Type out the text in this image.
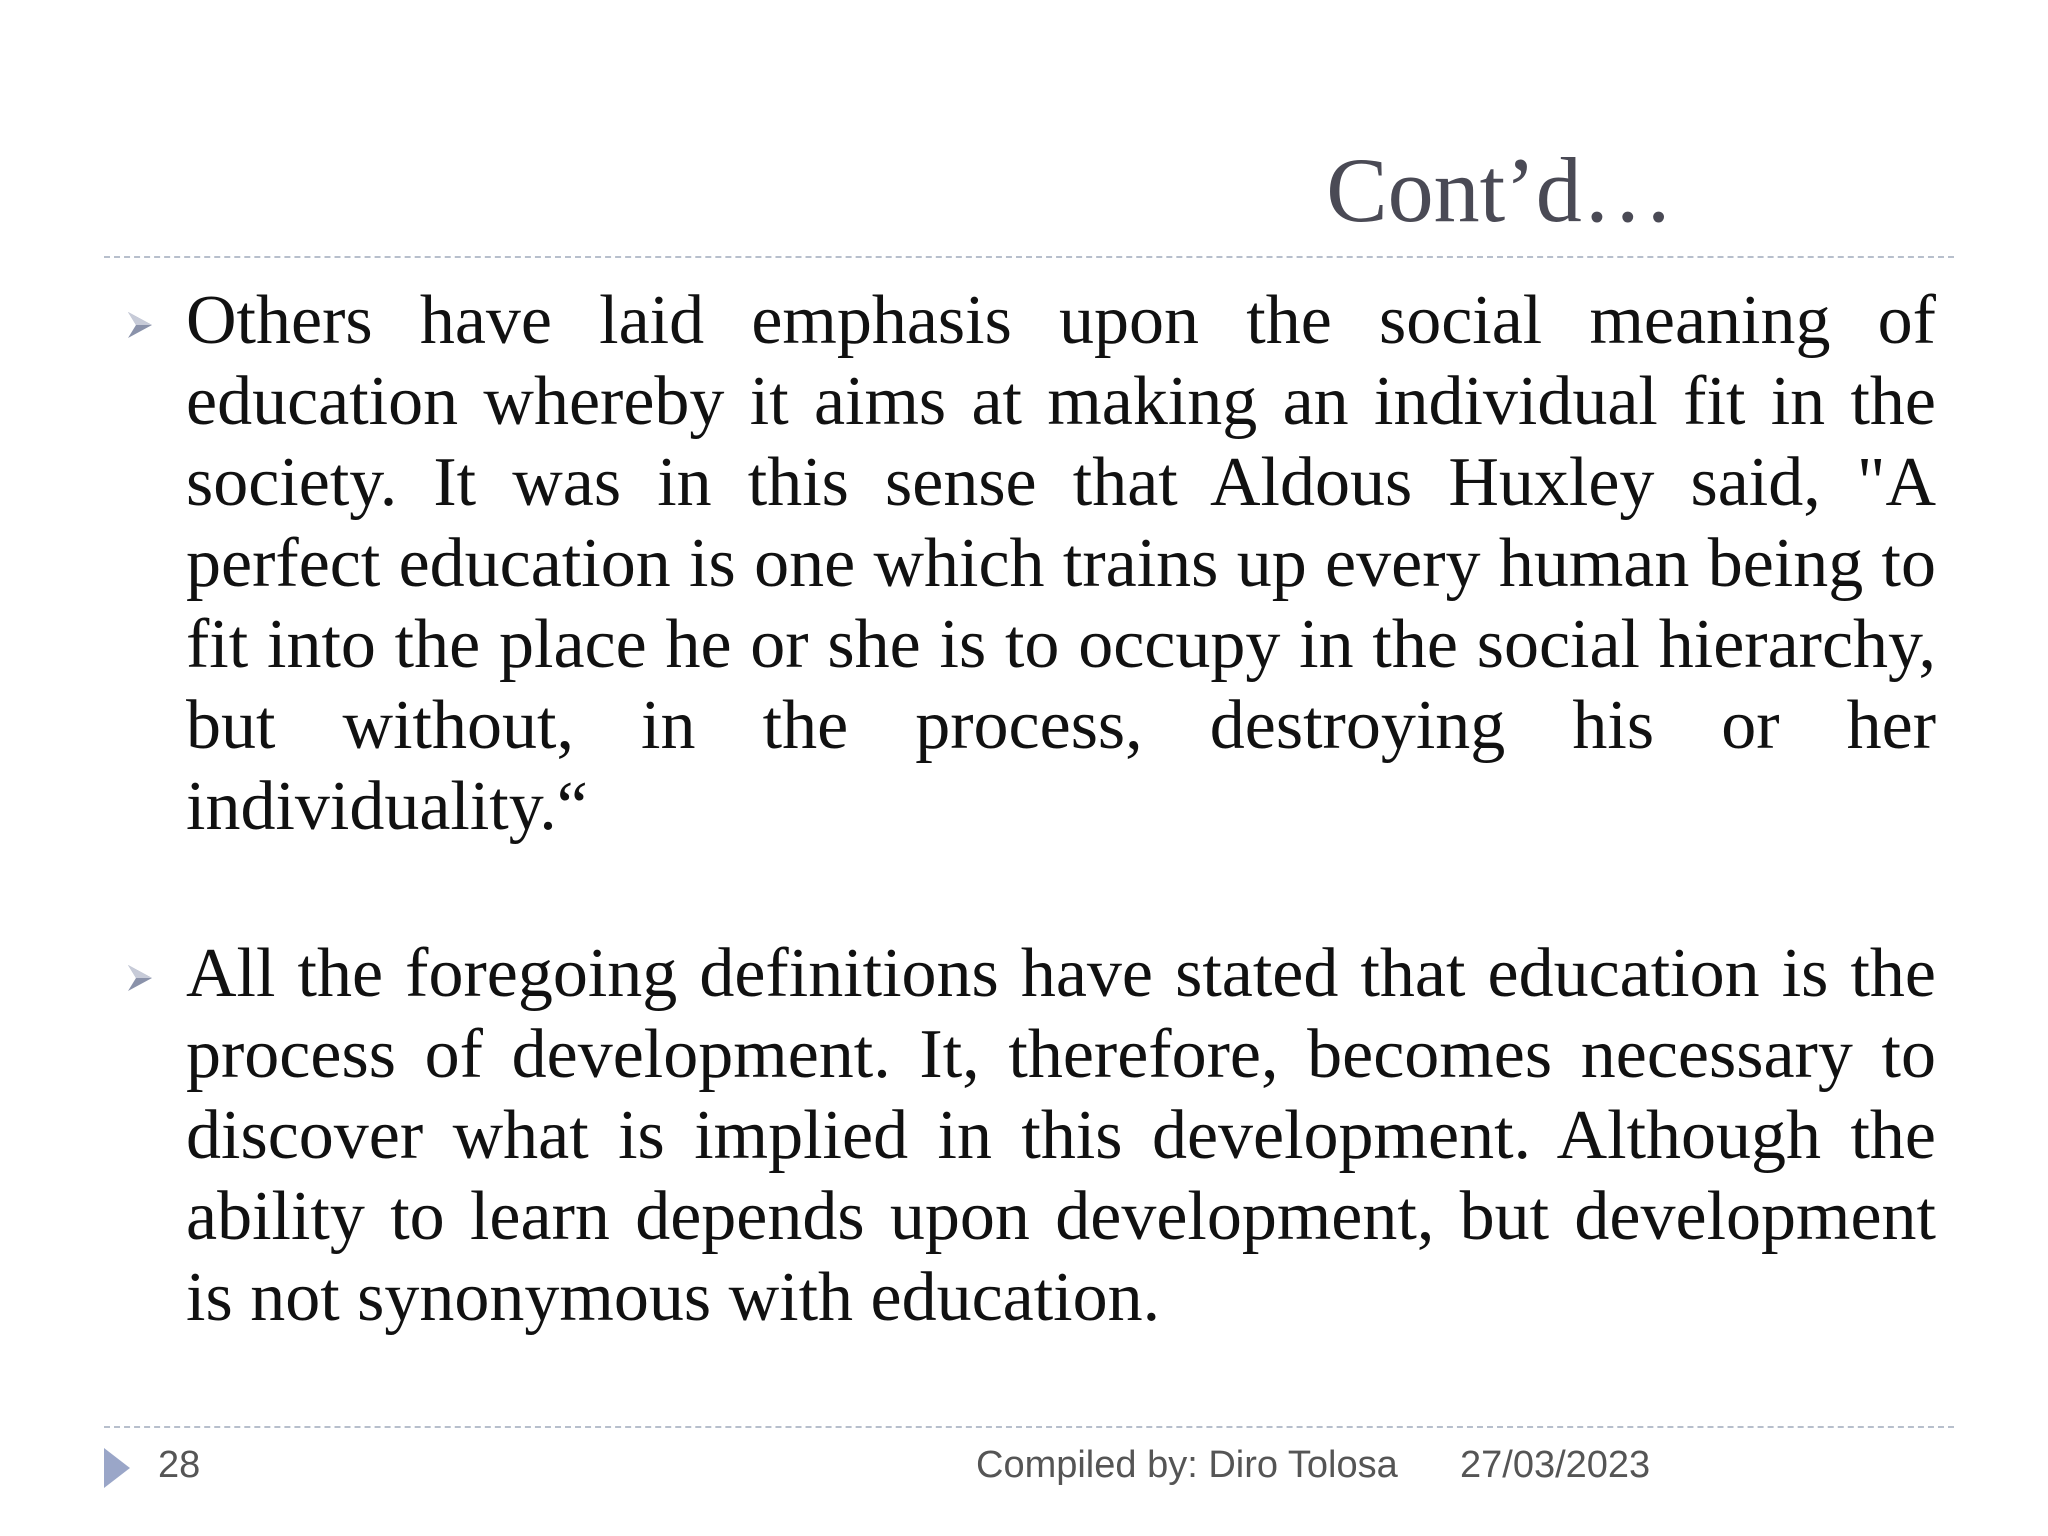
Cont’d…
Others have laid emphasis upon the social meaning of education whereby it aims at making an individual fit in the society. It was in this sense that Aldous Huxley said, "A perfect education is one which trains up every human being to fit into the place he or she is to occupy in the social hierarchy, but without, in the process, destroying his or her individuality.“
All the foregoing definitions have stated that education is the process of development. It, therefore, becomes necessary to discover what is implied in this development. Although the ability to learn depends upon development, but development is not synonymous with education.
28	Compiled by: Diro Tolosa 27/03/2023
